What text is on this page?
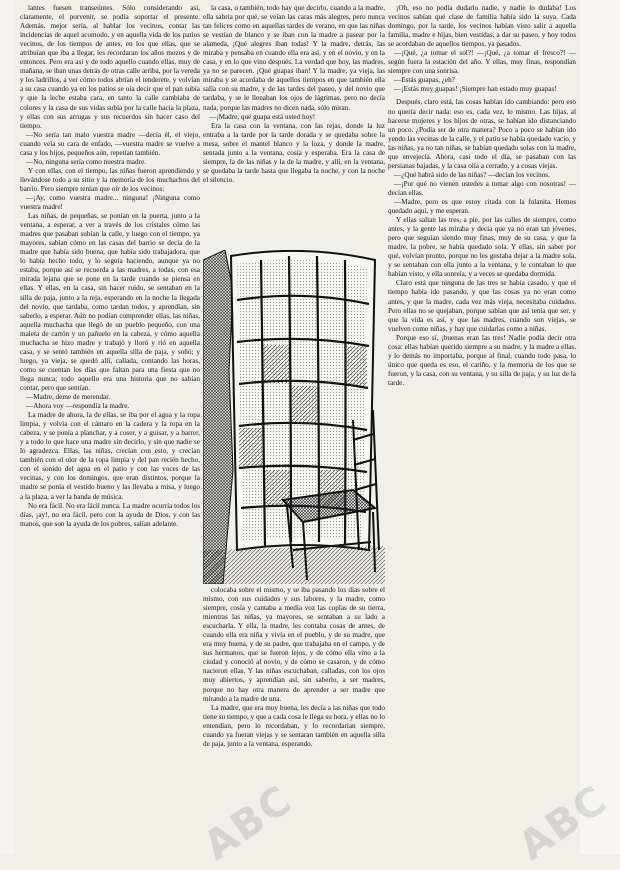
lantes fuesen transeúntes. Sólo considerando así, claramente, el porvenir, se podía soportar el presente. Además, mejor sería, al hablar los vecinos, contar las incidencias de aquel acomodo, y en aquella vida de los patios vecinos, de los tiempos de antes, en los que ellas, que se atribuían que iba a llegar, les recordaran los años mozos y de entonces. Pero era así y de todo aquello cuando ellas, muy de mañana, se iban unas detrás de otras calle arriba, por la vereda y los ladrillos, a ver cómo todos abrían el tenderete, y volvían a su casa cuando ya en los patios se oía decir que el pan subía y que la leche estaba cara, en tanto la calle cambiaba de colores y la casa de sus vidas subía por la calle hacia la plaza, y ellas con sus arrugas y sus recuerdos sin hacer caso del tiempo.

—No sería tan malo vuestra madre —decía él, el viejo, cuando veía su cara de enfado, —vuestra madre se vuelve a casa y los hijos, pequeños aún, repetían también.

—No, ninguna sería como nuestra madre.

Y con ellas, con el tiempo, las niñas fueron aprendiendo y llevándose todo a su sitio y la memoria de los muchachos del barrio. Pero siempre tenían que oír de los vecinos:

—¡Ay, como vuestra madre... ninguna! ¡Ninguna como vuestra madre!

Las niñas, de pequeñas, se ponían en la puerta, junto a la ventana, a esperar, a ver a través de los cristales cómo las madres que pasaban subían la calle, y luego con el tiempo, ya mayores, sabían cómo en las casas del barrio se decía de la madre que había sido buena, que había sido trabajadora, que lo había hecho todo, y lo seguía haciendo, aunque ya no estaba, porque así se recuerda a las madres, a todas, con esa mirada lejana que se pone en la tarde cuando se piensa en ellas. Y ellas, en la casa, sin hacer ruido, se sentaban en la silla de paja, junto a la reja, esperando en la noche la llegada del novio, que tardaba, como tardan todos, y aprendían, sin saberlo, a esperar. Aún no podían comprender ellas, las niñas, aquella muchacha que llegó de un pueblo pequeño, con una maleta de cartón y un pañuelo en la cabeza, y cómo aquella muchacha se hizo madre y trabajó y lloró y rió en aquella casa, y se sentó también en aquella silla de paja, y soñó; y luego, ya vieja, se quedó allí, callada, contando las horas, como se cuentan los días que faltan para una fiesta que no llega nunca; todo aquello era una historia que no sabían contar, pero que sentían.

—Madre, deme de merendar.

—Ahora voy —respondía la madre.

La madre de ahora, la de ellas, se iba por el agua y la ropa limpia, y volvía con el cántaro en la cadera y la ropa en la cabeza, y se ponía a planchar, y a coser, y a guisar, y a barrer, y a todo lo que hace una madre sin decirlo, y sin que nadie se lo agradezca. Ellas, las niñas, crecían con esto, y crecían también con el olor de la ropa limpia y del pan recién hecho, con el sonido del agua en el patio y con las voces de las vecinas, y con los domingos, que eran distintos, porque la madre se ponía el vestido bueno y las llevaba a misa, y luego a la plaza, a ver la banda de música.

No era fácil. No era fácil nunca. La madre ocurría todos los días, ¡ay!, no era fácil, pero con la ayuda de Dios, y con las manos, que son la ayuda de los pobres, salían adelante.

la casa, o también, todo hay que decirlo, cuando a la madre, ella sabría por qué, se veían las caras más alegres, pero nunca tan felices como en aquellas tardes de verano, en que las niñas se vestían de blanco y se iban con la madre a pasear por la alameda, ¡Qué alegres iban todas! Y la madre, detrás, las miraba y pensaba en cuando ella era así, y en el novio, y en la casa, y en lo que vino después. La verdad que hoy, las madres, ya no se parecen. ¡Qué guapas iban! Y la madre, ya vieja, las miraba y se acordaba de aquellos tiempos en que también ella salía con su madre, y de las tardes del paseo, y del novio que tardaba, y se le llenaban los ojos de lágrimas, pero no decía nada, porque las madres no dicen nada, sólo miran.

—¡Madre, qué guapa está usted hoy!

Era la casa con la ventana, con las rejas, donde la luz entraba a la tarde por la tarde dorada y se quedaba sobre la mesa, sobre el mantel blanco y la loza, y donde la madre, sentada junto a la ventana, cosía y esperaba. Era la casa de siempre, la de las niñas y la de la madre, y allí, en la ventana, se quedaba la tarde hasta que llegaba la noche, y con la noche el silencio.

colocaba sobre el mismo, y se iba pasando los días sobre el mismo, con sus cuidados y sus labores, y la madre, como siempre, cosía y cantaba a media voz las coplas de su tierra, mientras las niñas, ya mayores, se sentaban a su lado a escucharla. Y ella, la madre, les contaba cosas de antes, de cuando ella era niña y vivía en el pueblo, y de su madre, que era muy buena, y de su padre, que trabajaba en el campo, y de sus hermanos, que se fueron lejos, y de cómo ella vino a la ciudad y conoció al novio, y de cómo se casaron, y de cómo nacieron ellas. Y las niñas escuchaban, calladas, con los ojos muy abiertos, y aprendían así, sin saberlo, a ser madres, porque no hay otra manera de aprender a ser madre que mirando a la madre de una.

La madre, que era muy buena, les decía a las niñas que todo tiene su tiempo, y que a cada cosa le llega su hora, y ellas no lo entendían, pero lo recordaban, y lo recordarían siempre, cuando ya fueran viejas y se sentaran también en aquella silla de paja, junto a la ventana, esperando.

¡Oh, eso no podía dudarlo nadie, y nadie lo dudaba! Los vecinos sabían qué clase de familia había sido la suya. Cada domingo, por la tarde, los vecinos habían visto salir a aquella familia, madre e hijas, bien vestidas, a dar su paseo, y hoy todos se acordaban de aquellos tiempos, ya pasados.

—¡Qué, ¿a tomar el sol?! —¡Qué, ¿a tomar el fresco?! —según fuera la estación del año. Y ellas, muy finas, respondían siempre con una sonrisa.

—Estás guapas, ¿eh?

—¡Estás muy guapas! ¡Siempre han estado muy guapas!

Después, claro está, las cosas habían ido cambiando: pero eso no quería decir nada: eso es, cada vez, lo mismo. Las hijas, al hacerse mujeres y los hijos de otras, se habían ido distanciando un poco. ¿Podía ser de otra manera? Poco a poco se habían ido yendo las vecinas de la calle, y el patio se había quedado vacío, y las niñas, ya no tan niñas, se habían quedado solas con la madre, que envejecía. Ahora, casi todo el día, se pasaban con las persianas bajadas, y la casa olía a cerrado, y a cosas viejas.

—¿Qué habrá sido de las niñas? —decían los vecinos.

—¡Por qué no vienen ustedes a tomar algo con nosotras! —decían ellas.

—Madre, pero es que estoy citada con la fulanita. Hemos quedado aquí, y me esperan.

Y ellas salían las tres, a pie, por las calles de siempre, como antes, y la gente las miraba y decía que ya no eran tan jóvenes, pero que seguían siendo muy finas, muy de su casa, y que la madre, la pobre, se había quedado sola. Y ellas, sin saber por qué, volvían pronto, porque no les gustaba dejar a la madre sola, y se sentaban con ella junto a la ventana, y le contaban lo que habían visto, y ella sonreía, y a veces se quedaba dormida.

Claro está que ninguna de las tres se había casado, y que el tiempo había ido pasando, y que las cosas ya no eran como antes, y que la madre, cada vez más vieja, necesitaba cuidados. Pero ellas no se quejaban, porque sabían que así tenía que ser, y que la vida es así, y que las madres, cuando son viejas, se vuelven como niñas, y hay que cuidarlas como a niñas.

Porque eso sí, ¡buenas eran las tres! Nadie podía decir otra cosa: ellas habían querido siempre a su madre, y la madre a ellas, y lo demás no importaba, porque al final, cuando todo pasa, lo único que queda es eso, el cariño, y la memoria de los que se fueron, y la casa, con su ventana, y su silla de paja, y su luz de la tarde.

ABC	ABC
